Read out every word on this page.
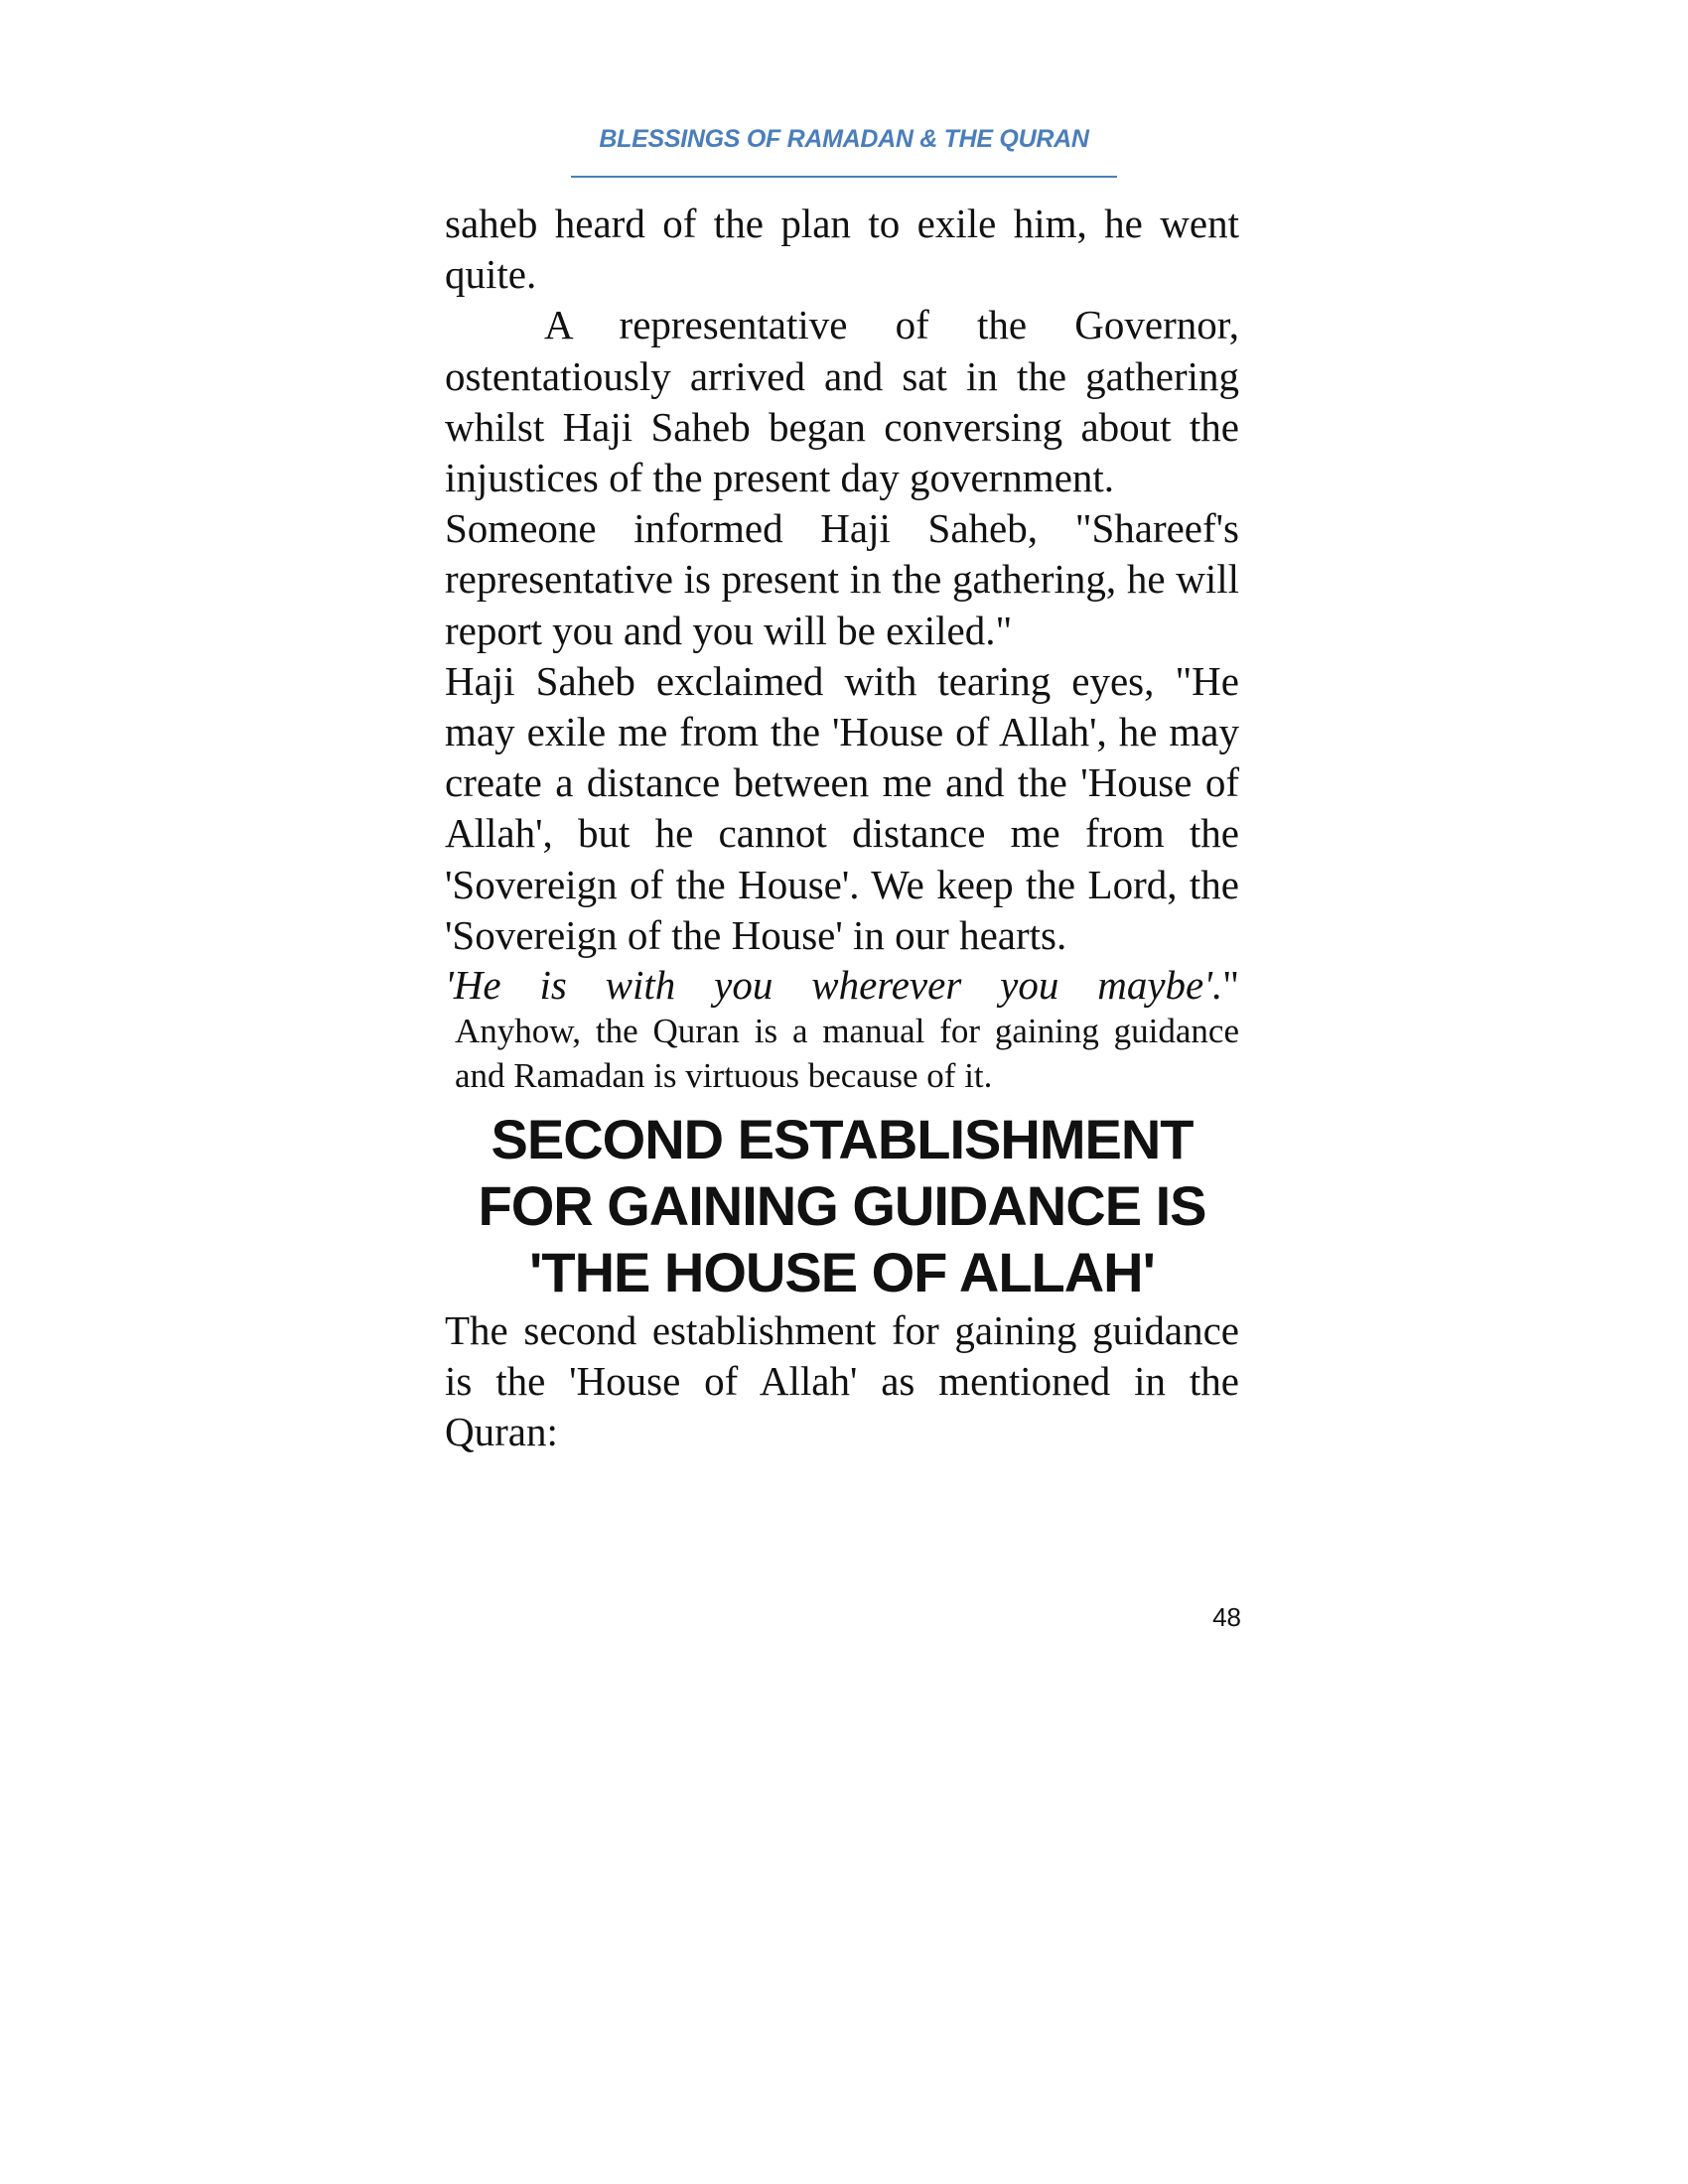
BLESSINGS OF RAMADAN & THE QURAN

saheb heard of the plan to exile him, he went quite.

A representative of the Governor, ostentatiously arrived and sat in the gathering whilst Haji Saheb began conversing about the injustices of the present day government.

Someone informed Haji Saheb, "Shareef's representative is present in the gathering, he will report you and you will be exiled."

Haji Saheb exclaimed with tearing eyes, "He may exile me from the 'House of Allah', he may create a distance between me and the 'House of Allah', but he cannot distance me from the 'Sovereign of the House'. We keep the Lord, the 'Sovereign of the House' in our hearts.

'He is with you wherever you maybe'."

Anyhow, the Quran is a manual for gaining guidance and Ramadan is virtuous because of it.

SECOND ESTABLISHMENT
FOR GAINING GUIDANCE IS
'THE HOUSE OF ALLAH'

The second establishment for gaining guidance is the 'House of Allah' as mentioned in the Quran:

48
